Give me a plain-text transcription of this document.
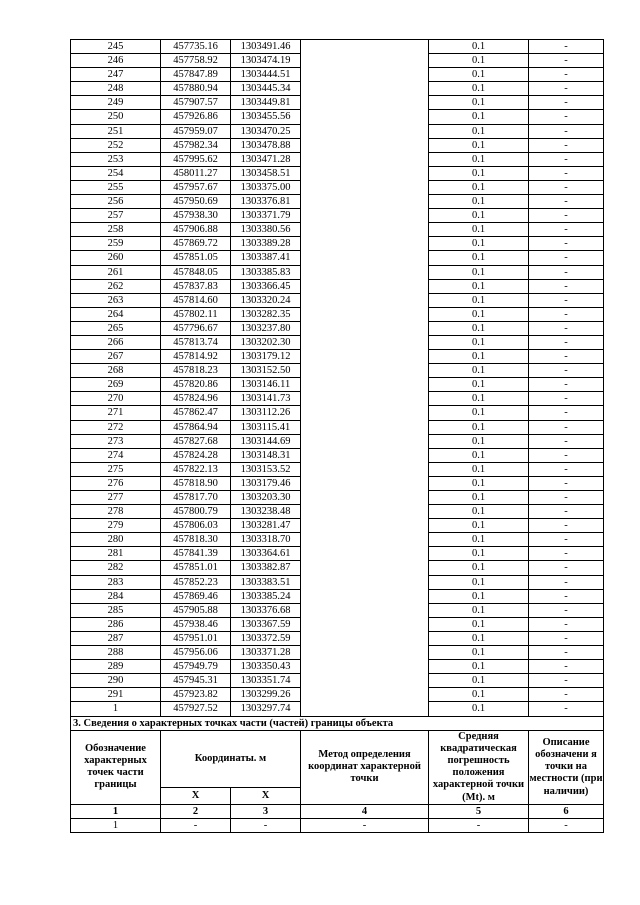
245	457735.16	1303491.46		0.1	-
246	457758.92	1303474.19		0.1	-
247	457847.89	1303444.51		0.1	-
248	457880.94	1303445.34		0.1	-
249	457907.57	1303449.81		0.1	-
250	457926.86	1303455.56		0.1	-
251	457959.07	1303470.25		0.1	-
252	457982.34	1303478.88		0.1	-
253	457995.62	1303471.28		0.1	-
254	458011.27	1303458.51		0.1	-
255	457957.67	1303375.00		0.1	-
256	457950.69	1303376.81		0.1	-
257	457938.30	1303371.79		0.1	-
258	457906.88	1303380.56		0.1	-
259	457869.72	1303389.28		0.1	-
260	457851.05	1303387.41		0.1	-
261	457848.05	1303385.83		0.1	-
262	457837.83	1303366.45		0.1	-
263	457814.60	1303320.24		0.1	-
264	457802.11	1303282.35		0.1	-
265	457796.67	1303237.80		0.1	-
266	457813.74	1303202.30		0.1	-
267	457814.92	1303179.12		0.1	-
268	457818.23	1303152.50		0.1	-
269	457820.86	1303146.11		0.1	-
270	457824.96	1303141.73		0.1	-
271	457862.47	1303112.26		0.1	-
272	457864.94	1303115.41		0.1	-
273	457827.68	1303144.69		0.1	-
274	457824.28	1303148.31		0.1	-
275	457822.13	1303153.52		0.1	-
276	457818.90	1303179.46		0.1	-
277	457817.70	1303203.30		0.1	-
278	457800.79	1303238.48		0.1	-
279	457806.03	1303281.47		0.1	-
280	457818.30	1303318.70		0.1	-
281	457841.39	1303364.61		0.1	-
282	457851.01	1303382.87		0.1	-
283	457852.23	1303383.51		0.1	-
284	457869.46	1303385.24		0.1	-
285	457905.88	1303376.68		0.1	-
286	457938.46	1303367.59		0.1	-
287	457951.01	1303372.59		0.1	-
288	457956.06	1303371.28		0.1	-
289	457949.79	1303350.43		0.1	-
290	457945.31	1303351.74		0.1	-
291	457923.82	1303299.26		0.1	-
1	457927.52	1303297.74		0.1	-
3. Сведения о характерных точках части (частей) границы объекта					
Обозначение характерных точек части границы	Координаты. м		Метод определения координат характерной точки	Средняя квадратическая погрешность положения характерной точки (Mt). м	Описание обозначени я точки на местности (при наличии)
	X	X			
1	2	3	4	5	6
1	-	-	-	-	-
